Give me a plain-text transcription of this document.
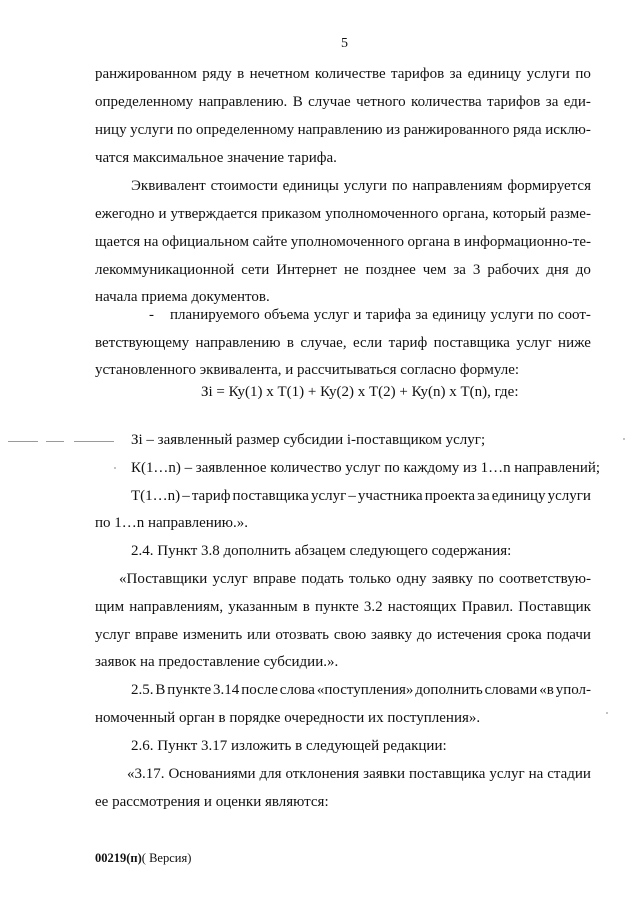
5
ранжированном ряду в нечетном количестве тарифов за единицу услуги по
определенному направлению. В случае четного количества тарифов за еди-
ницу услуги по определенному направлению из ранжированного ряда исклю-
чатся максимальное значение тарифа.
Эквивалент стоимости единицы услуги по направлениям формируется
ежегодно и утверждается приказом уполномоченного органа, который разме-
щается на официальном сайте уполномоченного органа в информационно-те-
лекоммуникационной сети Интернет не позднее чем за 3 рабочих дня до
начала приема документов.
- планируемого объема услуг и тарифа за единицу услуги по соот-
ветствующему направлению в случае, если тариф поставщика услуг ниже
установленного эквивалента, и рассчитываться согласно формуле:
Зi = Ку(1) х Т(1) + Ку(2) х Т(2) + Ку(n) х Т(n), где:
Зi – заявленный размер субсидии i-поставщиком услуг;
К(1…n) – заявленное количество услуг по каждому из 1…n направлений;
Т(1…n) – тариф поставщика услуг – участника проекта за единицу услуги
по 1…n направлению.».
2.4. Пункт 3.8 дополнить абзацем следующего содержания:
«Поставщики услуг вправе подать только одну заявку по соответствую-
щим направлениям, указанным в пункте 3.2 настоящих Правил. Поставщик
услуг вправе изменить или отозвать свою заявку до истечения срока подачи
заявок на предоставление субсидии.».
2.5. В пункте 3.14 после слова «поступления» дополнить словами «в упол-
номоченный орган в порядке очередности их поступления».
2.6. Пункт 3.17 изложить в следующей редакции:
«3.17. Основаниями для отклонения заявки поставщика услуг на стадии
ее рассмотрения и оценки являются:
00219(п)( Версия)
